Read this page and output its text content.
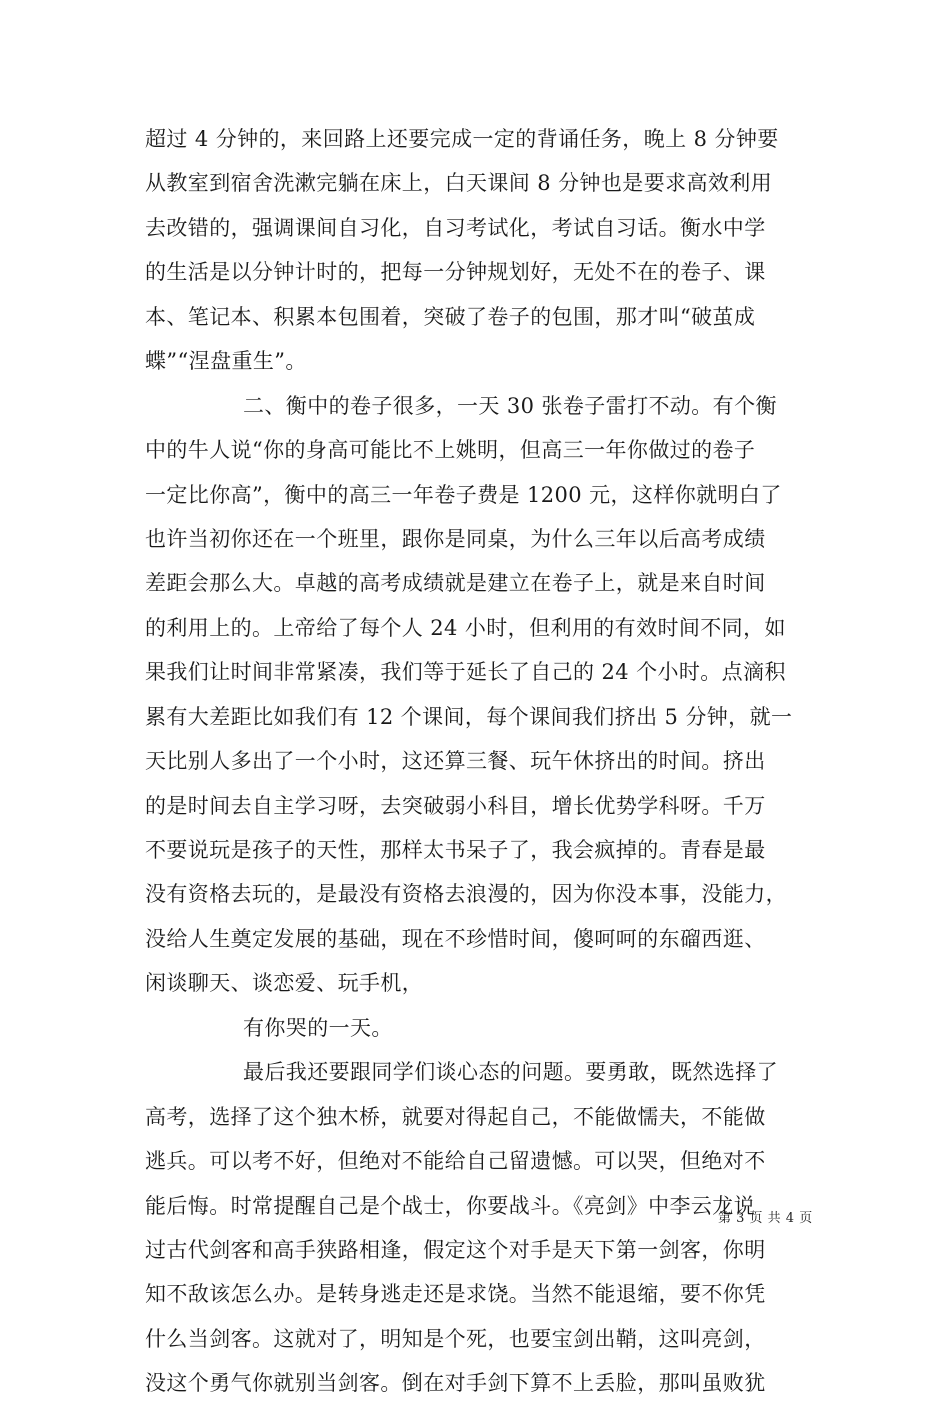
超过 4 分钟的，来回路上还要完成一定的背诵任务，晚上 8 分钟要
从教室到宿舍洗漱完躺在床上，白天课间 8 分钟也是要求高效利用
去改错的，强调课间自习化，自习考试化，考试自习话。衡水中学
的生活是以分钟计时的，把每一分钟规划好，无处不在的卷子、课
本、笔记本、积累本包围着，突破了卷子的包围，那才叫“破茧成
蝶”“涅盘重生”。
二、衡中的卷子很多，一天 30 张卷子雷打不动。有个衡
中的牛人说“你的身高可能比不上姚明，但高三一年你做过的卷子
一定比你高”，衡中的高三一年卷子费是 1200 元，这样你就明白了
也许当初你还在一个班里，跟你是同桌，为什么三年以后高考成绩
差距会那么大。卓越的高考成绩就是建立在卷子上，就是来自时间
的利用上的。上帝给了每个人 24 小时，但利用的有效时间不同，如
果我们让时间非常紧凑，我们等于延长了自己的 24 个小时。点滴积
累有大差距比如我们有 12 个课间，每个课间我们挤出 5 分钟，就一
天比别人多出了一个小时，这还算三餐、玩午休挤出的时间。挤出
的是时间去自主学习呀，去突破弱小科目，增长优势学科呀。千万
不要说玩是孩子的天性，那样太书呆子了，我会疯掉的。青春是最
没有资格去玩的，是最没有资格去浪漫的，因为你没本事，没能力，
没给人生奠定发展的基础，现在不珍惜时间，傻呵呵的东磂西逛、
闲谈聊天、谈恋爱、玩手机，
有你哭的一天。
最后我还要跟同学们谈心态的问题。要勇敢，既然选择了
高考，选择了这个独木桥，就要对得起自己，不能做懦夫，不能做
逃兵。可以考不好，但绝对不能给自己留遗憾。可以哭，但绝对不
能后悔。时常提醒自己是个战士，你要战斗。《亮剑》中李云龙说
过古代剑客和高手狭路相逢，假定这个对手是天下第一剑客，你明
知不敌该怎么办。是转身逃走还是求饶。当然不能退缩，要不你凭
什么当剑客。这就对了，明知是个死，也要宝剑出鞘，这叫亮剑，
没这个勇气你就别当剑客。倒在对手剑下算不上丢脸，那叫虽败犹
第 3 页 共 4 页
